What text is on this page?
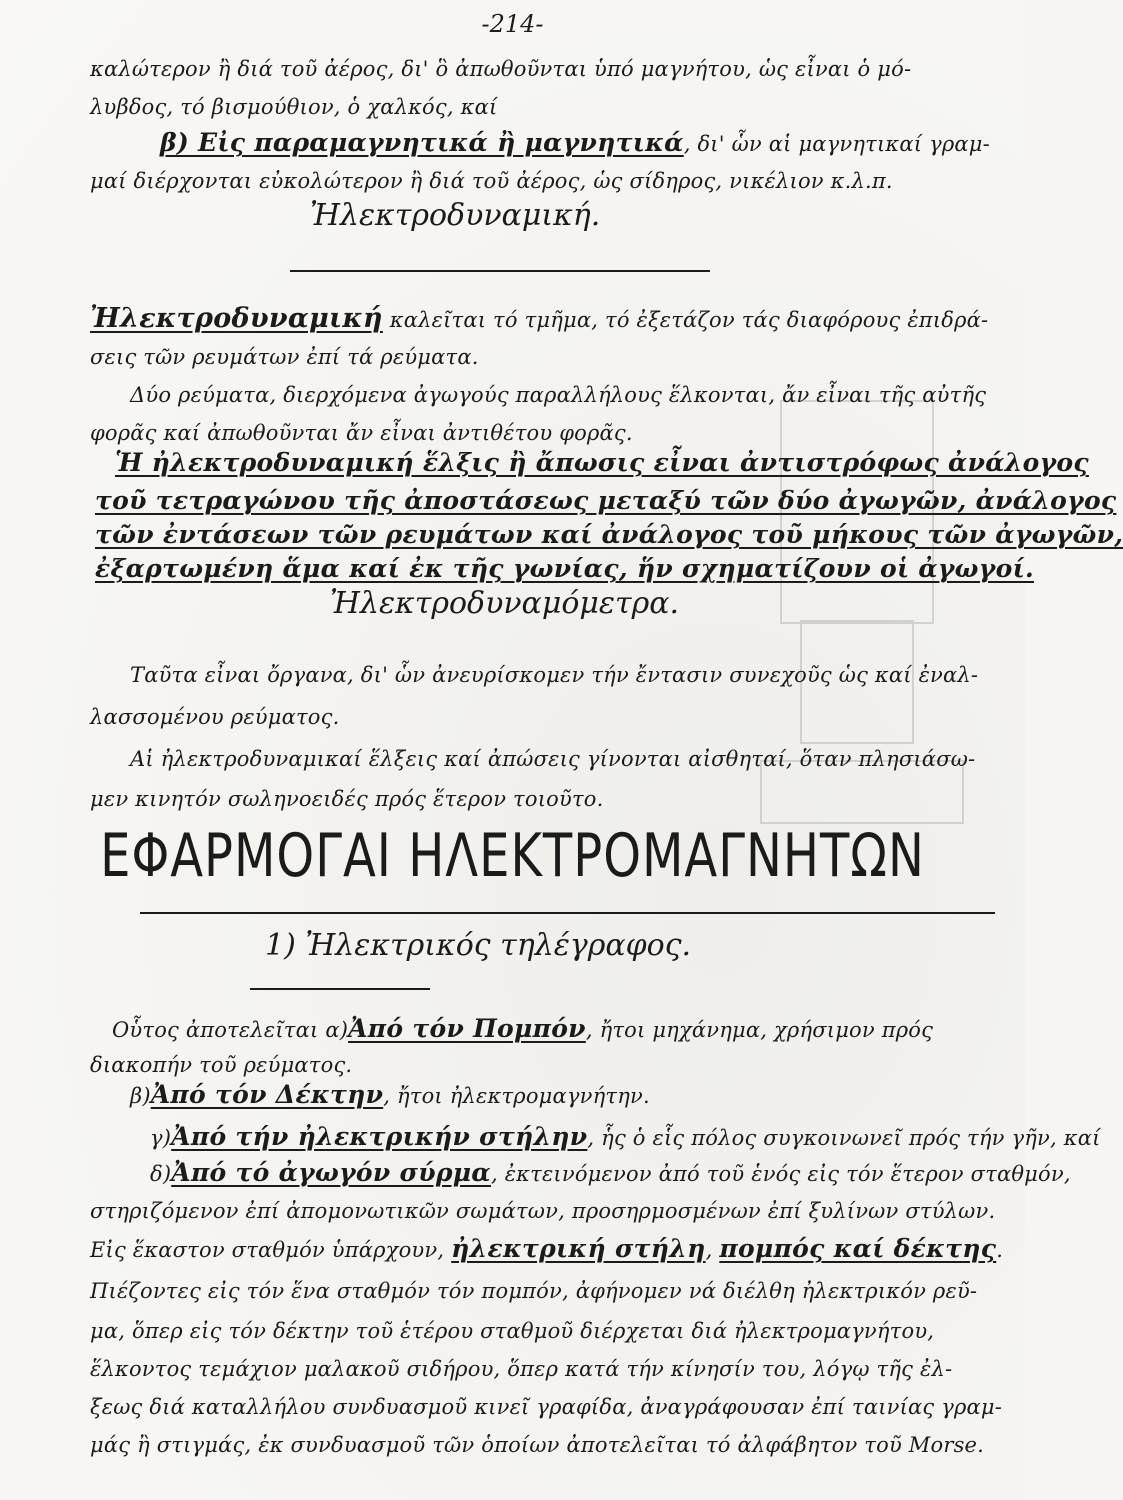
-214-
καλώτερον ἢ διά τοῦ ἀέρος, δι' ὃ ἀπωθοῦνται ὑπό μαγνήτου, ὡς εἶναι ὁ μό-
λυβδος, τό βισμούθιον, ὁ χαλκός, καί
β) Εἰς παραμαγνητικά ἢ μαγνητικά, δι' ὧν αἱ μαγνητικαί γραμ-
μαί διέρχονται εὐκολώτερον ἢ διά τοῦ ἀέρος, ὡς σίδηρος, νικέλιον κ.λ.π.
Ἠλεκτροδυναμική.
Ἠλεκτροδυναμική καλεῖται τό τμῆμα, τό ἐξετάζον τάς διαφόρους ἐπιδρά-
σεις τῶν ρευμάτων ἐπί τά ρεύματα.
Δύο ρεύματα, διερχόμενα ἀγωγούς παραλλήλους ἕλκονται, ἄν εἶναι τῆς αὐτῆς
φορᾶς καί ἀπωθοῦνται ἄν εἶναι ἀντιθέτου φορᾶς.
Ἡ ἠλεκτροδυναμική ἕλξις ἢ ἄπωσις εἶναι ἀντιστρόφως ἀνάλογος
τοῦ τετραγώνου τῆς ἀποστάσεως μεταξύ τῶν δύο ἀγωγῶν, ἀνάλογος
τῶν ἐντάσεων τῶν ρευμάτων καί ἀνάλογος τοῦ μήκους τῶν ἀγωγῶν,
ἐξαρτωμένη ἅμα καί ἐκ τῆς γωνίας, ἥν σχηματίζουν οἱ ἀγωγοί.
Ἠλεκτροδυναμόμετρα.
Ταῦτα εἶναι ὄργανα, δι' ὧν ἀνευρίσκομεν τήν ἔντασιν συνεχοῦς ὡς καί ἐναλ-
λασσομένου ρεύματος.
Αἱ ἠλεκτροδυναμικαί ἕλξεις καί ἀπώσεις γίνονται αἰσθηταί, ὅταν πλησιάσω-
μεν κινητόν σωληνοειδές πρός ἕτερον τοιοῦτο.
ΕΦΑΡΜΟΓΑΙ ΗΛΕΚΤΡΟΜΑΓΝΗΤΩΝ
1) Ἠλεκτρικός τηλέγραφος.
Οὗτος ἀποτελεῖται α)Ἀπό τόν Πομπόν, ἤτοι μηχάνημα, χρήσιμον πρός
διακοπήν τοῦ ρεύματος.
β)Ἀπό τόν Δέκτην, ἤτοι ἠλεκτρομαγνήτην.
γ)Ἀπό τήν ἠλεκτρικήν στήλην, ἧς ὁ εἷς πόλος συγκοινωνεῖ πρός τήν γῆν, καί
δ)Ἀπό τό ἀγωγόν σύρμα, ἐκτεινόμενον ἀπό τοῦ ἑνός εἰς τόν ἕτερον σταθμόν,
στηριζόμενον ἐπί ἀπομονωτικῶν σωμάτων, προσηρμοσμένων ἐπί ξυλίνων στύλων.
Εἰς ἕκαστον σταθμόν ὑπάρχουν, ἠλεκτρική στήλη, πομπός καί δέκτης.
Πιέζοντες εἰς τόν ἕνα σταθμόν τόν πομπόν, ἀφήνομεν νά διέλθη ἠλεκτρικόν ρεῦ-
μα, ὅπερ εἰς τόν δέκτην τοῦ ἑτέρου σταθμοῦ διέρχεται διά ἠλεκτρομαγνήτου,
ἕλκοντος τεμάχιον μαλακοῦ σιδήρου, ὅπερ κατά τήν κίνησίν του, λόγῳ τῆς ἐλ-
ξεως διά καταλλήλου συνδυασμοῦ κινεῖ γραφίδα, ἀναγράφουσαν ἐπί ταινίας γραμ-
μάς ἢ στιγμάς, ἐκ συνδυασμοῦ τῶν ὁποίων ἀποτελεῖται τό ἀλφάβητον τοῦ Morse.
